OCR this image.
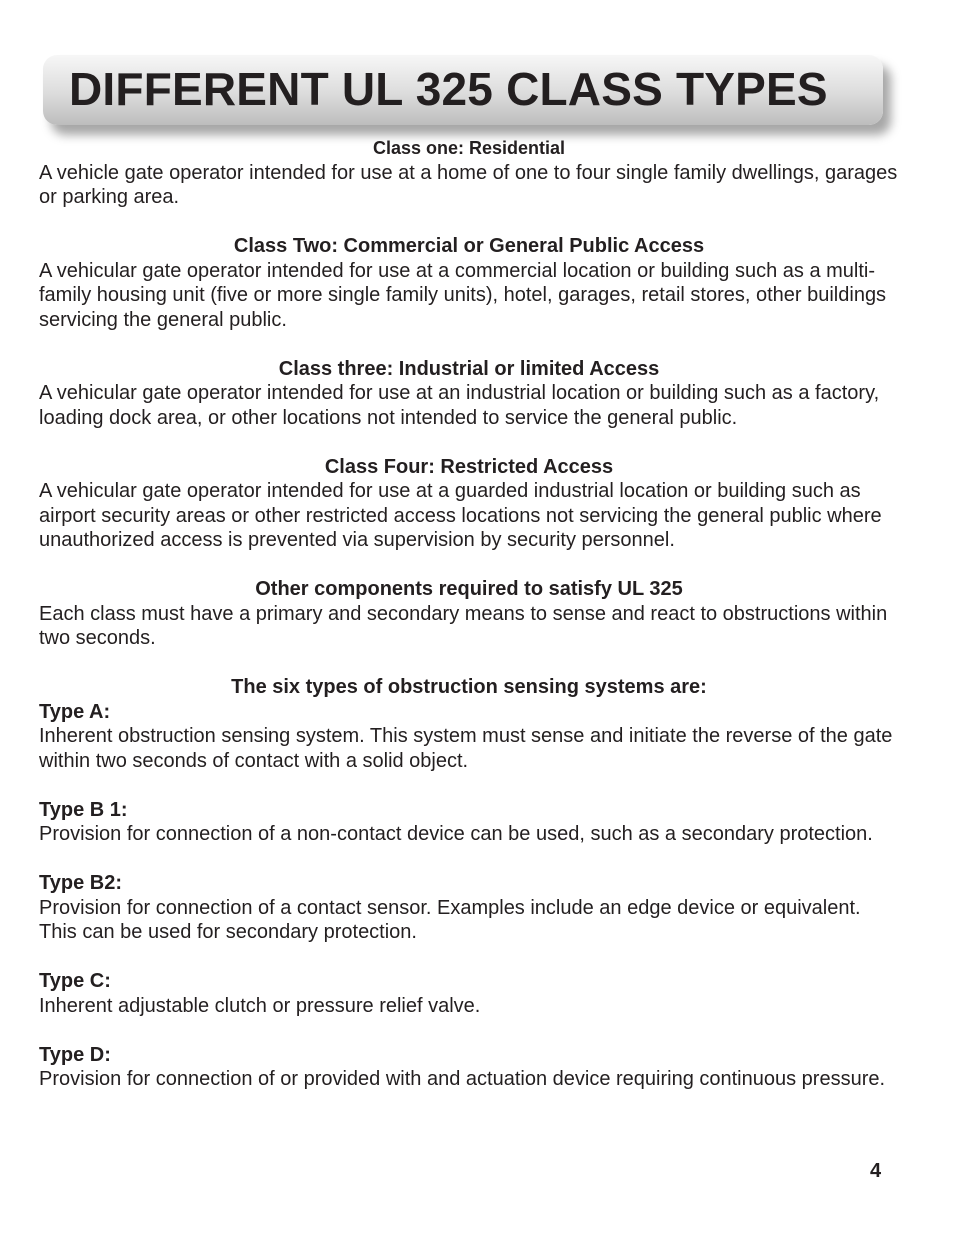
DIFFERENT UL 325 CLASS TYPES

Class one: Residential

A vehicle gate operator intended for use at a home of one to four single family dwellings, garages or parking area.

Class Two: Commercial or General Public Access

A vehicular gate operator intended for use at a commercial location or building such as a multi-family housing unit (five or more single family units), hotel, garages, retail stores, other buildings servicing the general public.

Class three: Industrial or limited Access

A vehicular gate operator intended for use at an industrial location or building such as a factory, loading dock area, or other locations not intended to service the general public.

Class Four: Restricted Access

A vehicular gate operator intended for use at a guarded industrial location or building such as airport security areas or other restricted access locations not servicing the general public where unauthorized access is prevented via supervision by security personnel.

Other components required to satisfy UL 325

Each class must have a primary and secondary means to sense and react to obstructions within two seconds.

The six types of obstruction sensing systems are:

Type A:

Inherent obstruction sensing system. This system must sense and initiate the reverse of the gate within two seconds of contact with a solid object.

Type B 1:

Provision for connection of a non-contact device can be used, such as a secondary protection.

Type B2:

Provision for connection of a contact sensor. Examples include an edge device or equivalent. This can be used for secondary protection.

Type C:

Inherent adjustable clutch or pressure relief valve.

Type D:

Provision for connection of or provided with and actuation device requiring continuous pressure.

4
